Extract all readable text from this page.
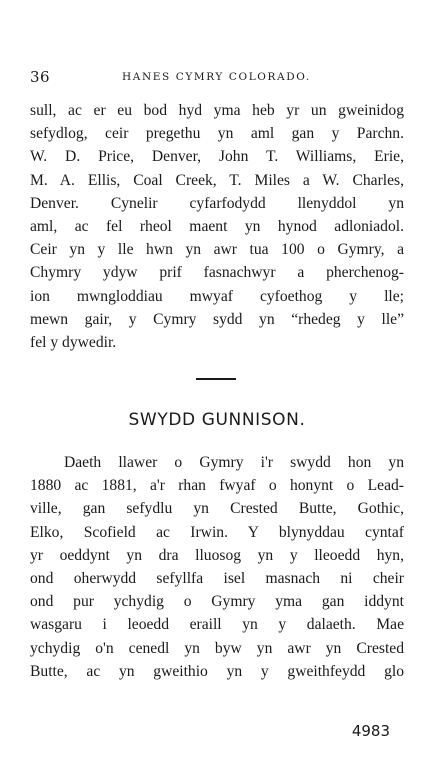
36	HANES CYMRY COLORADO.
sull, ac er eu bod hyd yma heb yr un gweinidog
sefydlog, ceir pregethu yn aml gan y Parchn.
W. D. Price, Denver, John T. Williams, Erie,
M. A. Ellis, Coal Creek, T. Miles a W. Charles,
Denver. Cynelir cyfarfodydd llenyddol yn
aml, ac fel rheol maent yn hynod adloniadol.
Ceir yn y lle hwn yn awr tua 100 o Gymry, a
Chymry ydyw prif fasnachwyr a pherchenog-
ion mwngloddiau mwyaf cyfoethog y lle;
mewn gair, y Cymry sydd yn “rhedeg y lle”
fel y dywedir.
SWYDD GUNNISON.
Daeth llawer o Gymry i'r swydd hon yn
1880 ac 1881, a'r rhan fwyaf o honynt o Lead-
ville, gan sefydlu yn Crested Butte, Gothic,
Elko, Scofield ac Irwin. Y blynyddau cyntaf
yr oeddynt yn dra lluosog yn y lleoedd hyn,
ond oherwydd sefyllfa isel masnach ni cheir
ond pur ychydig o Gymry yma gan iddynt
wasgaru i leoedd eraill yn y dalaeth. Mae
ychydig o'n cenedl yn byw yn awr yn Crested
Butte, ac yn gweithio yn y gweithfeydd glo
4983
